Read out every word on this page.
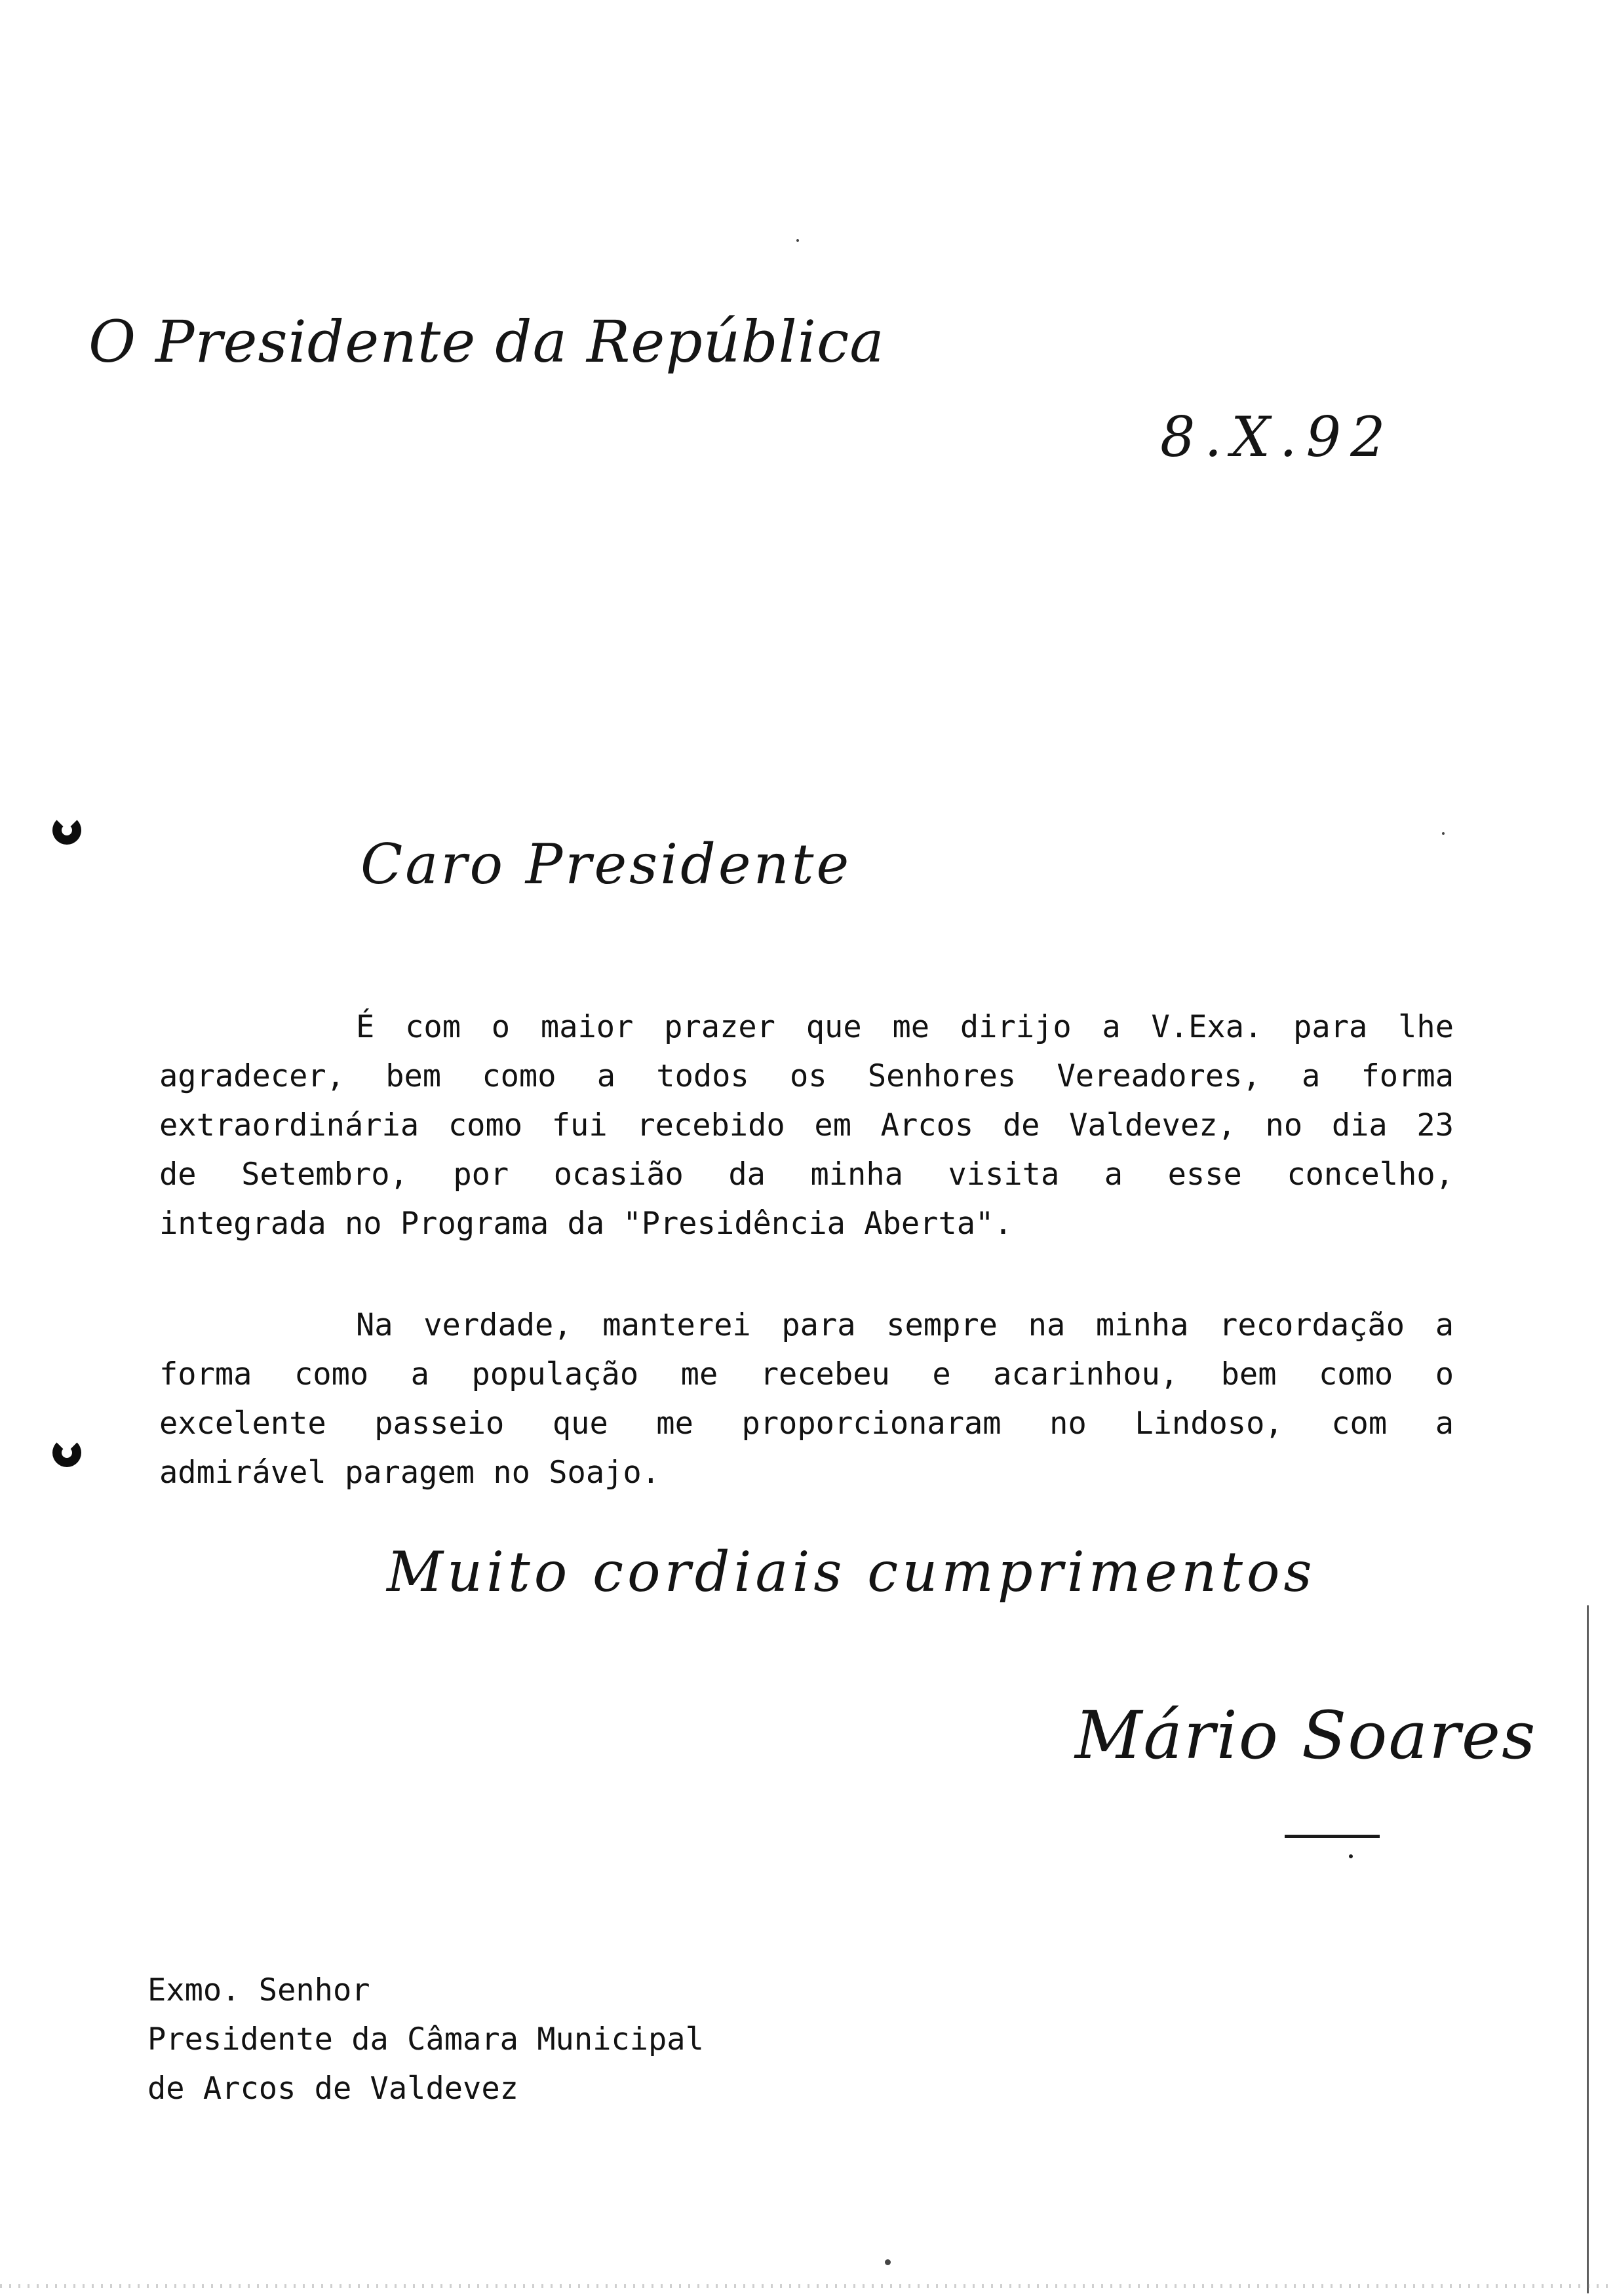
O Presidente da República
8.X.92
Caro Presidente
É com o maior prazer que me dirijo a V.Exa. para lhe
agradecer, bem como a todos os Senhores Vereadores, a forma
extraordinária como fui recebido em Arcos de Valdevez, no dia 23
de Setembro, por ocasião da minha visita a esse concelho,
integrada no Programa da "Presidência Aberta".
Na verdade, manterei para sempre na minha recordação a
forma como a população me recebeu e acarinhou, bem como o
excelente passeio que me proporcionaram no Lindoso, com a
admirável paragem no Soajo.
Muito cordiais cumprimentos
Mário Soares
Exmo. Senhor
Presidente da Câmara Municipal
de Arcos de Valdevez
